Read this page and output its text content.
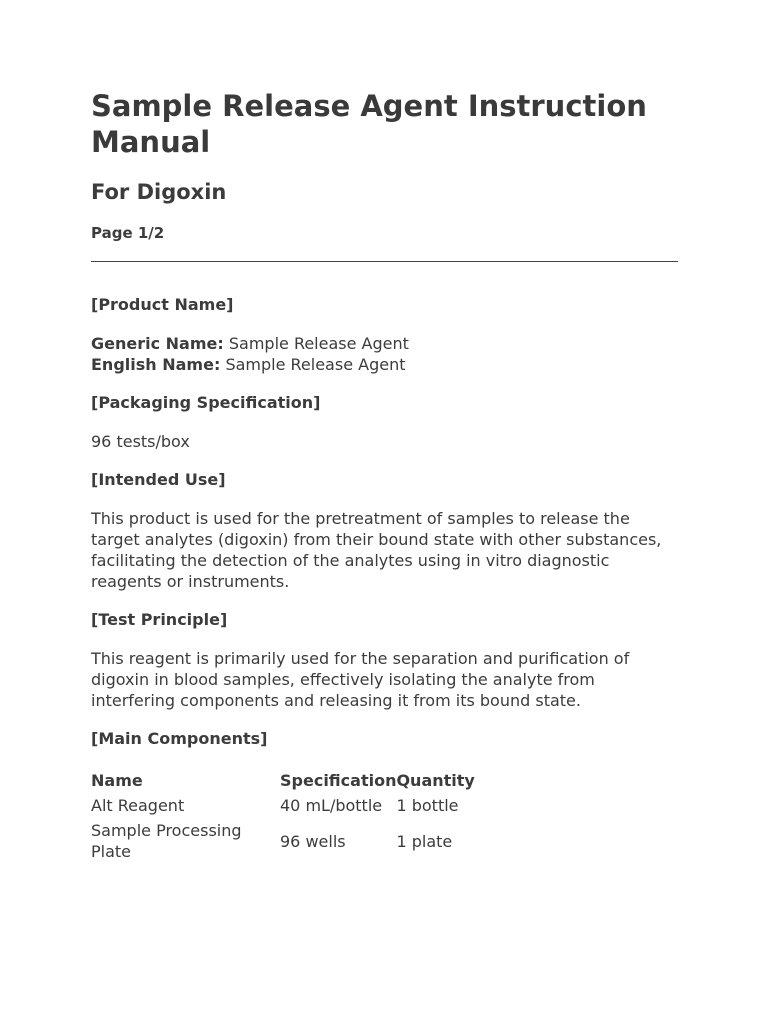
Sample Release Agent Instruction Manual
For Digoxin
Page 1/2
[Product Name]
Generic Name: Sample Release Agent
English Name: Sample Release Agent
[Packaging Specification]
96 tests/box
[Intended Use]
This product is used for the pretreatment of samples to release the target analytes (digoxin) from their bound state with other substances, facilitating the detection of the analytes using in vitro diagnostic reagents or instruments.
[Test Principle]
This reagent is primarily used for the separation and purification of digoxin in blood samples, effectively isolating the analyte from interfering components and releasing it from its bound state.
[Main Components]
Name	Specification	Quantity
Alt Reagent	40 mL/bottle	1 bottle
Sample Processing Plate	96 wells	1 plate
